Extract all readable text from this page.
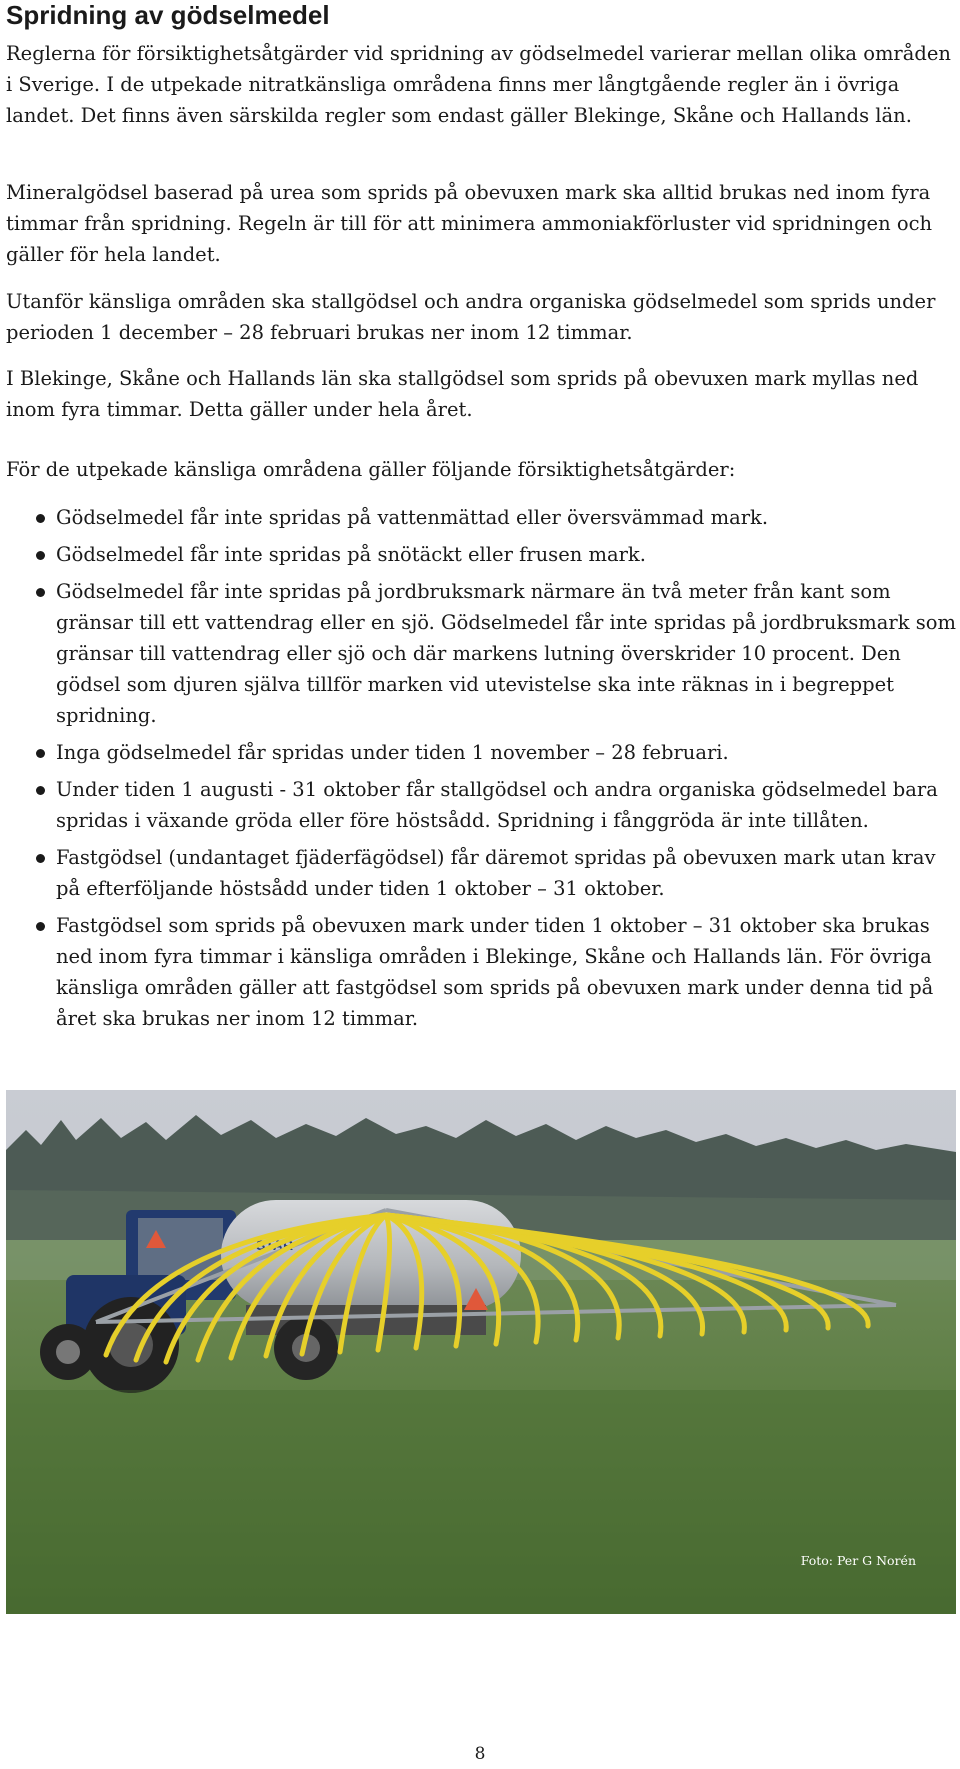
Spridning av gödselmedel

Reglerna för försiktighetsåtgärder vid spridning av gödselmedel varierar mellan olika områden i Sverige. I de utpekade nitratkänsliga områdena finns mer långtgående regler än i övriga landet. Det finns även särskilda regler som endast gäller Blekinge, Skåne och Hallands län.

Mineralgödsel baserad på urea som sprids på obevuxen mark ska alltid brukas ned inom fyra timmar från spridning. Regeln är till för att minimera ammoniakförluster vid spridningen och gäller för hela landet.

Utanför känsliga områden ska stallgödsel och andra organiska gödselmedel som sprids under perioden 1 december – 28 februari brukas ner inom 12 timmar.

I Blekinge, Skåne och Hallands län ska stallgödsel som sprids på obevuxen mark myllas ned inom fyra timmar. Detta gäller under hela året.

För de utpekade känsliga områdena gäller följande försiktighetsåtgärder:

Gödselmedel får inte spridas på vattenmättad eller översvämmad mark.
Gödselmedel får inte spridas på snötäckt eller frusen mark.
Gödselmedel får inte spridas på jordbruksmark närmare än två meter från kant som gränsar till ett vattendrag eller en sjö. Gödselmedel får inte spridas på jordbruksmark som gränsar till vattendrag eller sjö och där markens lutning överskrider 10 procent. Den gödsel som djuren själva tillför marken vid utevistelse ska inte räknas in i begreppet spridning.
Inga gödselmedel får spridas under tiden 1 november – 28 februari.
Under tiden 1 augusti - 31 oktober får stallgödsel och andra organiska gödselmedel bara spridas i växande gröda eller före höstsådd. Spridning i fånggröda är inte tillåten.
Fastgödsel (undantaget fjäderfägödsel) får däremot spridas på obevuxen mark utan krav på efterföljande höstsådd under tiden 1 oktober – 31 oktober.
Fastgödsel som sprids på obevuxen mark under tiden 1 oktober – 31 oktober ska brukas ned inom fyra timmar i känsliga områden i Blekinge, Skåne och Hallands län. För övriga känsliga områden gäller att fastgödsel som sprids på obevuxen mark under denna tid på året ska brukas ner inom 12 timmar.
STAR
Foto: Per G Norén
8
